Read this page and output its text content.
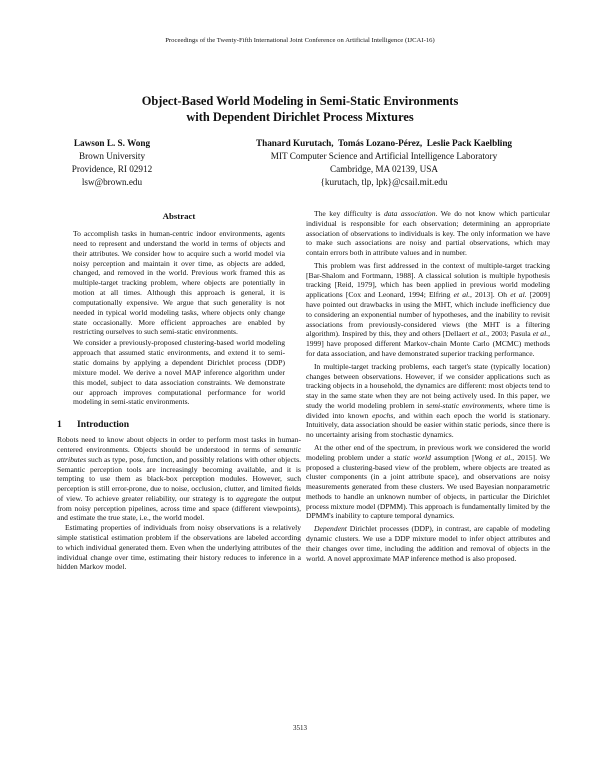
Proceedings of the Twenty-Fifth International Joint Conference on Artificial Intelligence (IJCAI-16)
Object-Based World Modeling in Semi-Static Environments
with Dependent Dirichlet Process Mixtures
Lawson L. S. Wong
Brown University
Providence, RI 02912
lsw@brown.edu
Thanard Kurutach,  Tomás Lozano-Pérez,  Leslie Pack Kaelbling
MIT Computer Science and Artificial Intelligence Laboratory
Cambridge, MA 02139, USA
{kurutach, tlp, lpk}@csail.mit.edu
Abstract

To accomplish tasks in human-centric indoor environments, agents need to represent and understand the world in terms of objects and their attributes. We consider how to acquire such a world model via noisy perception and maintain it over time, as objects are added, changed, and removed in the world. Previous work framed this as multiple-target tracking problem, where objects are potentially in motion at all times. Although this approach is general, it is computationally expensive. We argue that such generality is not needed in typical world modeling tasks, where objects only change state occasionally. More efficient approaches are enabled by restricting ourselves to such semi-static environments.

We consider a previously-proposed clustering-based world modeling approach that assumed static environments, and extend it to semi-static domains by applying a dependent Dirichlet process (DDP) mixture model. We derive a novel MAP inference algorithm under this model, subject to data association constraints. We demonstrate our approach improves computational performance for world modeling in semi-static environments.

1 Introduction

Robots need to know about objects in order to perform most tasks in human-centered environments. Objects should be understood in terms of semantic attributes such as type, pose, function, and possibly relations with other objects. Semantic perception tools are increasingly becoming available, and it is tempting to use them as black-box perception modules. However, such perception is still error-prone, due to noise, occlusion, clutter, and limited fields of view. To achieve greater reliability, our strategy is to aggregate the output from noisy perception pipelines, across time and space (different viewpoints), and estimate the true state, i.e., the world model.

Estimating properties of individuals from noisy observations is a relatively simple statistical estimation problem if the observations are labeled according to which individual generated them. Even when the underlying attributes of the individual change over time, estimating their history reduces to inference in a hidden Markov model.

The key difficulty is data association. We do not know which particular individual is responsible for each observation; determining an appropriate association of observations to individuals is key. The only information we have to make such associations are noisy and partial observations, which may contain errors both in attribute values and in number.

This problem was first addressed in the context of multiple-target tracking [Bar-Shalom and Fortmann, 1988]. A classical solution is multiple hypothesis tracking [Reid, 1979], which has been applied in previous world modeling applications [Cox and Leonard, 1994; Elfring et al., 2013]. Oh et al. [2009] have pointed out drawbacks in using the MHT, which include inefficiency due to considering an exponential number of hypotheses, and the inability to revisit associations from previously-considered views (the MHT is a filtering algorithm). Inspired by this, they and others [Dellaert et al., 2003; Pasula et al., 1999] have proposed different Markov-chain Monte Carlo (MCMC) methods for data association, and have demonstrated superior tracking performance.

In multiple-target tracking problems, each target's state (typically location) changes between observations. However, if we consider applications such as tracking objects in a household, the dynamics are different: most objects tend to stay in the same state when they are not being actively used. In this paper, we study the world modeling problem in semi-static environments, where time is divided into known epochs, and within each epoch the world is stationary. Intuitively, data association should be easier within static periods, since there is no uncertainty arising from stochastic dynamics.

At the other end of the spectrum, in previous work we considered the world modeling problem under a static world assumption [Wong et al., 2015]. We proposed a clustering-based view of the problem, where objects are treated as cluster components (in a joint attribute space), and observations are noisy measurements generated from these clusters. We used Bayesian nonparametric methods to handle an unknown number of objects, in particular the Dirichlet process mixture model (DPMM). This approach is fundamentally limited by the DPMM's inability to capture temporal dynamics.

Dependent Dirichlet processes (DDP), in contrast, are capable of modeling dynamic clusters. We use a DDP mixture model to infer object attributes and their changes over time, including the addition and removal of objects in the world. A novel approximate MAP inference method is also proposed.

3513
